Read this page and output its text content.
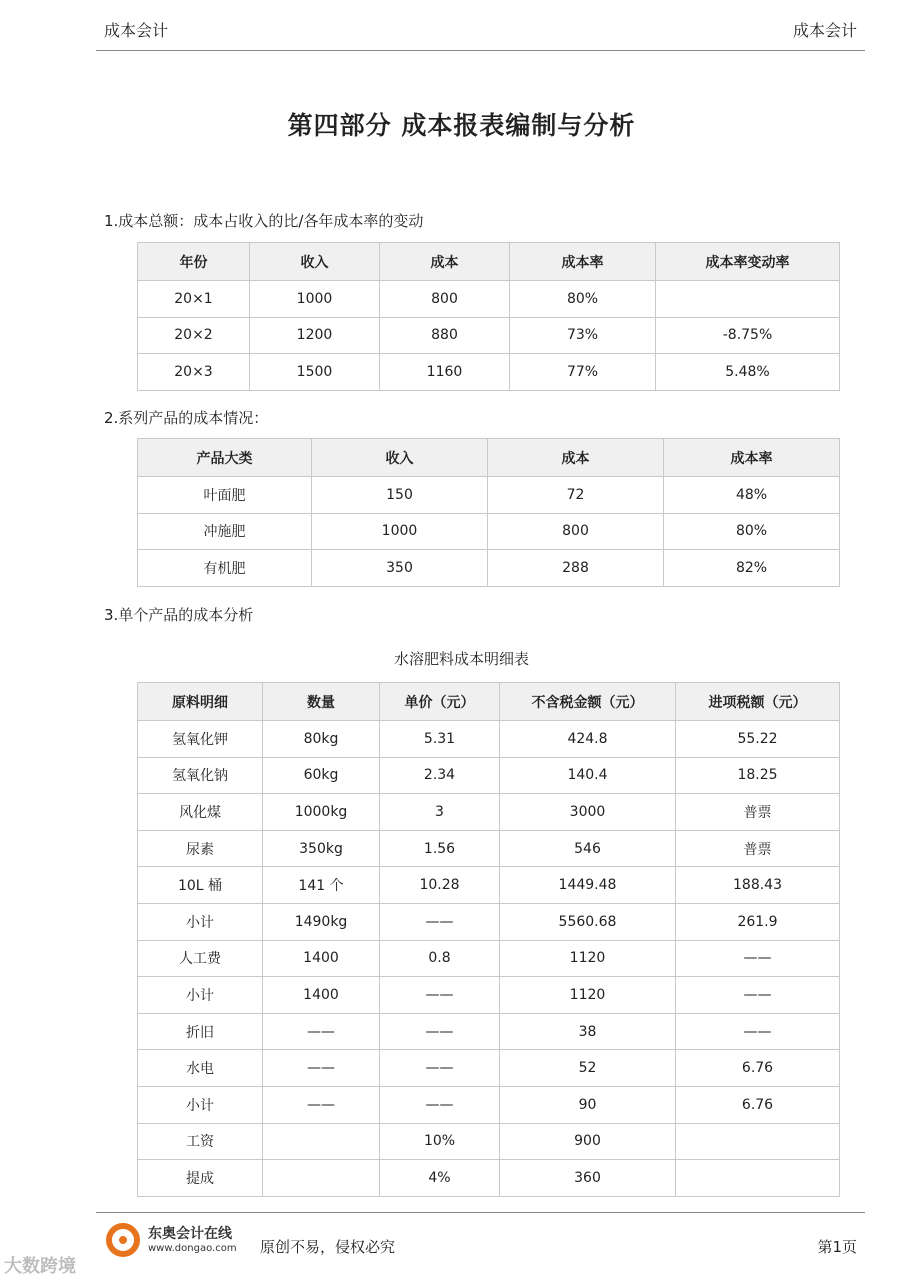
成本会计	成本会计
第四部分 成本报表编制与分析
1.成本总额：成本占收入的比/各年成本率的变动
年份	收入	成本	成本率	成本率变动率
20×1	1000	800	80%	
20×2	1200	880	73%	-8.75%
20×3	1500	1160	77%	5.48%
2.系列产品的成本情况：
产品大类	收入	成本	成本率
叶面肥	150	72	48%
冲施肥	1000	800	80%
有机肥	350	288	82%
3.单个产品的成本分析
水溶肥料成本明细表
原料明细	数量	单价（元）	不含税金额（元）	进项税额（元）
氢氧化钾	80kg	5.31	424.8	55.22
氢氧化钠	60kg	2.34	140.4	18.25
风化煤	1000kg	3	3000	普票
尿素	350kg	1.56	546	普票
10L 桶	141 个	10.28	1449.48	188.43
小计	1490kg	——	5560.68	261.9
人工费	1400	0.8	1120	——
小计	1400	——	1120	——
折旧	——	——	38	——
水电	——	——	52	6.76
小计	——	——	90	6.76
工资		10%	900	
提成		4%	360	
东奥会计在线
www.dongao.com 原创不易，侵权必究	第1页
大数跨境
